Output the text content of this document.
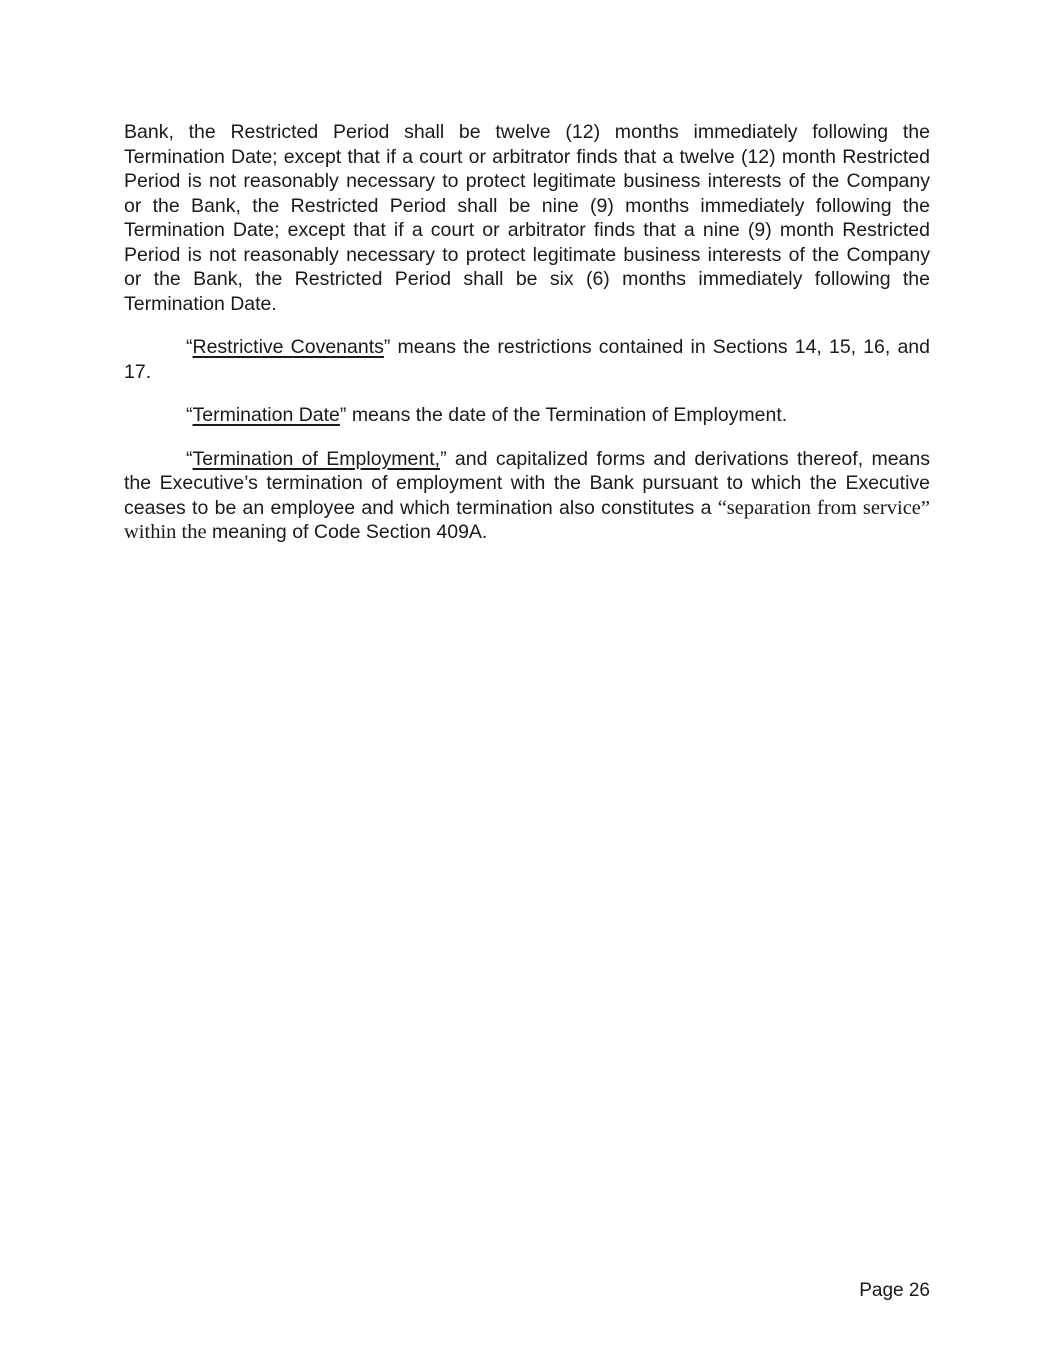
Bank, the Restricted Period shall be twelve (12) months immediately following the Termination Date; except that if a court or arbitrator finds that a twelve (12) month Restricted Period is not reasonably necessary to protect legitimate business interests of the Company or the Bank, the Restricted Period shall be nine (9) months immediately following the Termination Date; except that if a court or arbitrator finds that a nine (9) month Restricted Period is not reasonably necessary to protect legitimate business interests of the Company or the Bank, the Restricted Period shall be six (6) months immediately following the Termination Date.

“Restrictive Covenants” means the restrictions contained in Sections 14, 15, 16, and 17.

“Termination Date” means the date of the Termination of Employment.

“Termination of Employment,” and capitalized forms and derivations thereof, means the Executive’s termination of employment with the Bank pursuant to which the Executive ceases to be an employee and which termination also constitutes a “separation from service” within the meaning of Code Section 409A.

Page 26
